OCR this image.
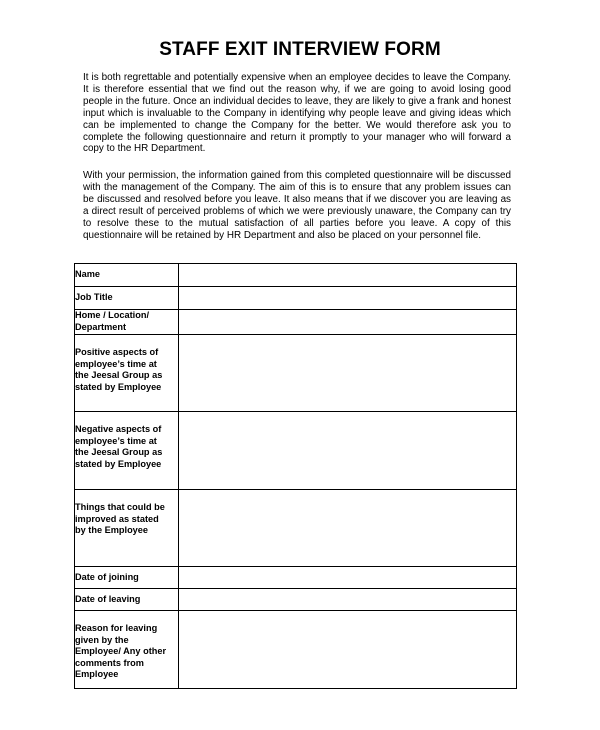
STAFF EXIT INTERVIEW FORM
It is both regrettable and potentially expensive when an employee decides to leave the Company. It is therefore essential that we find out the reason why, if we are going to avoid losing good people in the future. Once an individual decides to leave, they are likely to give a frank and honest input which is invaluable to the Company in identifying why people leave and giving ideas which can be implemented to change the Company for the better. We would therefore ask you to complete the following questionnaire and return it promptly to your manager who will forward a copy to the HR Department.
With your permission, the information gained from this completed questionnaire will be discussed with the management of the Company. The aim of this is to ensure that any problem issues can be discussed and resolved before you leave. It also means that if we discover you are leaving as a direct result of perceived problems of which we were previously unaware, the Company can try to resolve these to the mutual satisfaction of all parties before you leave. A copy of this questionnaire will be retained by HR Department and also be placed on your personnel file.
Name	

Job Title	

Home / Location/ Department	

Positive aspects of employee’s time at the Jeesal Group as stated by Employee	

Negative aspects of employee’s time at the Jeesal Group as stated by Employee	

Things that could be improved as stated by the Employee	

Date of joining	

Date of leaving	

Reason for leaving given by the Employee/ Any other comments from Employee	
